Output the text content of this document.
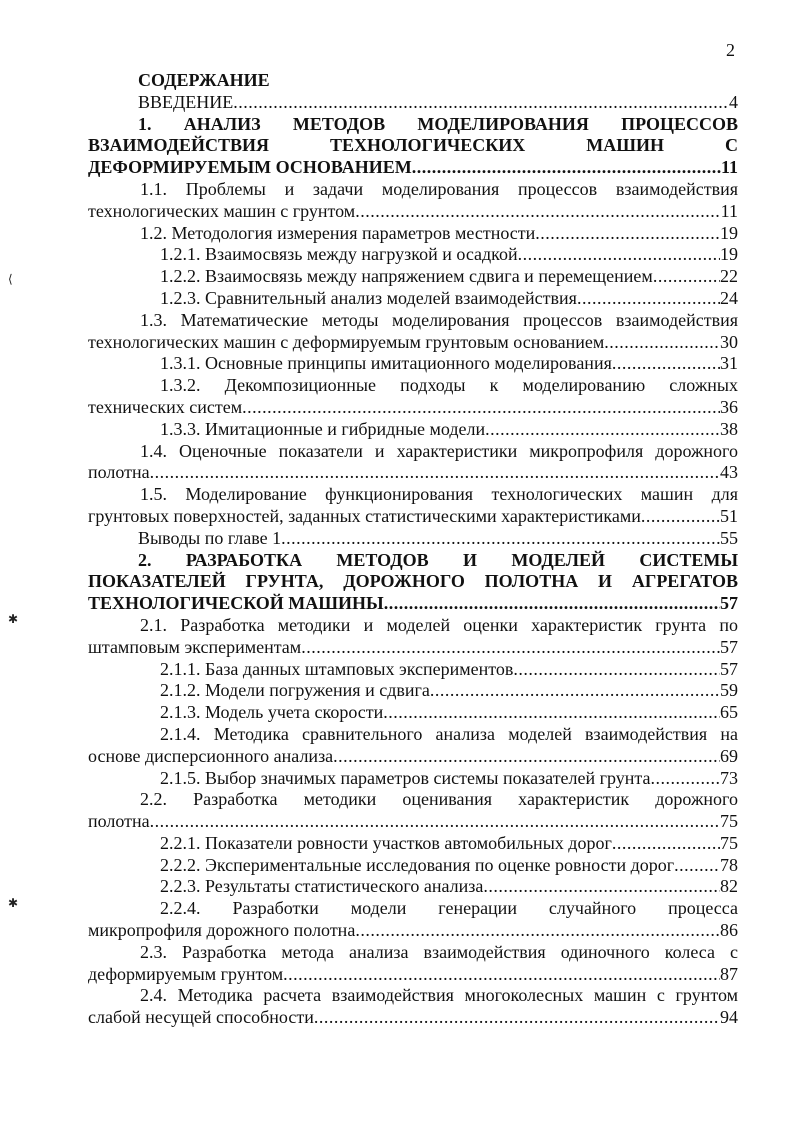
2
СОДЕРЖАНИЕ
ВВЕДЕНИЕ .....	4
1. АНАЛИЗ МЕТОДОВ МОДЕЛИРОВАНИЯ ПРОЦЕССОВ
ВЗАИМОДЕЙСТВИЯ ТЕХНОЛОГИЧЕСКИХ МАШИН С
ДЕФОРМИРУЕМЫМ ОСНОВАНИЕМ .....	11
1.1. Проблемы и задачи моделирования процессов взаимодействия
технологических машин с грунтом .....	11
1.2. Методология измерения параметров местности .....	19
1.2.1. Взаимосвязь между нагрузкой и осадкой .....	19
1.2.2. Взаимосвязь между напряжением сдвига и перемещением .....	22
1.2.3. Сравнительный анализ моделей взаимодействия .....	24
1.3. Математические методы моделирования процессов взаимодействия
технологических машин с деформируемым грунтовым основанием .....	30
1.3.1. Основные принципы имитационного моделирования .....	31
1.3.2. Декомпозиционные подходы к моделированию сложных
технических систем .....	36
1.3.3. Имитационные и гибридные модели .....	38
1.4. Оценочные показатели и характеристики микропрофиля дорожного
полотна .....	43
1.5. Моделирование функционирования технологических машин для
грунтовых поверхностей, заданных статистическими характеристиками .....	51
Выводы по главе 1 .....	55
2. РАЗРАБОТКА МЕТОДОВ И МОДЕЛЕЙ СИСТЕМЫ
ПОКАЗАТЕЛЕЙ ГРУНТА, ДОРОЖНОГО ПОЛОТНА И АГРЕГАТОВ
ТЕХНОЛОГИЧЕСКОЙ МАШИНЫ .....	57
2.1. Разработка методики и моделей оценки характеристик грунта по
штамповым экспериментам .....	57
2.1.1. База данных штамповых экспериментов .....	57
2.1.2. Модели погружения и сдвига .....	59
2.1.3. Модель учета скорости .....	65
2.1.4. Методика сравнительного анализа моделей взаимодействия на
основе дисперсионного анализа .....	69
2.1.5. Выбор значимых параметров системы показателей грунта .....	73
2.2. Разработка методики оценивания характеристик дорожного
полотна .....	75
2.2.1. Показатели ровности участков автомобильных дорог .....	75
2.2.2. Экспериментальные исследования по оценке ровности дорог .....	78
2.2.3. Результаты статистического анализа .....	82
2.2.4. Разработки модели генерации случайного процесса
микропрофиля дорожного полотна .....	86
2.3. Разработка метода анализа взаимодействия одиночного колеса с
деформируемым грунтом .....	87
2.4. Методика расчета взаимодействия многоколесных машин с грунтом
слабой несущей способности .....	94
⟨
✱
✱
